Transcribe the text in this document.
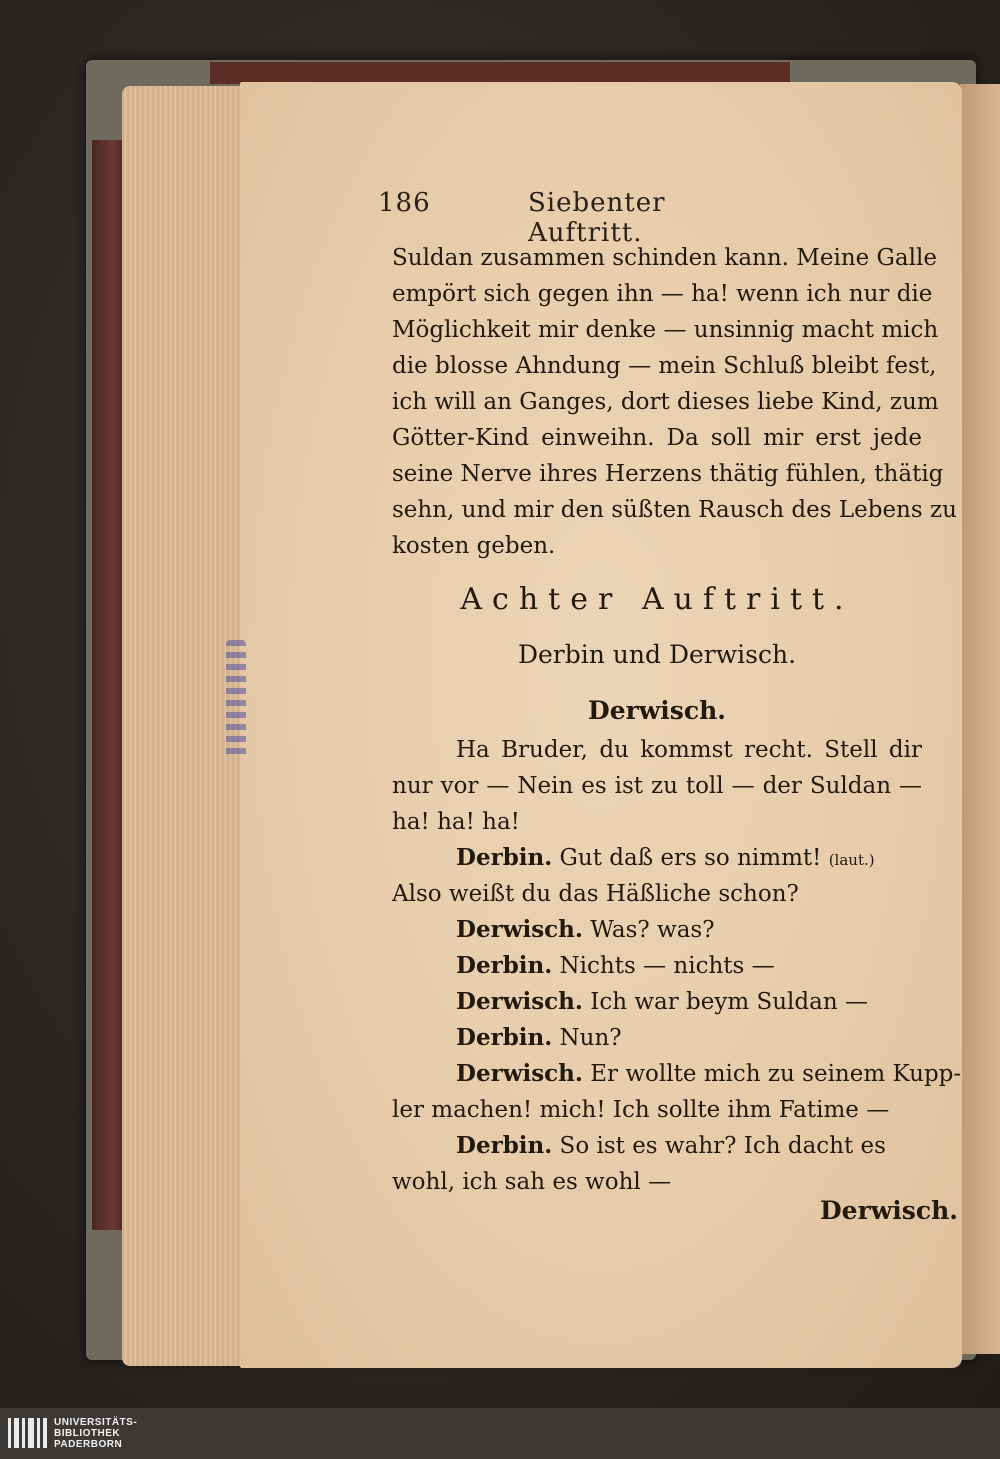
186	Siebenter Auftritt.
Suldan zusammen schinden kann. Meine Galle
empört sich gegen ihn — ha! wenn ich nur die
Möglichkeit mir denke — unsinnig macht mich
die blosse Ahndung — mein Schluß bleibt fest,
ich will an Ganges, dort dieses liebe Kind, zum
Götter-Kind einweihn. Da soll mir erst jede
seine Nerve ihres Herzens thätig fühlen, thätig
sehn, und mir den süßten Rausch des Lebens zu
kosten geben.
Achter Auftritt.
Derbin und Derwisch.
Derwisch.
Ha Bruder, du kommst recht. Stell dir
nur vor — Nein es ist zu toll — der Suldan —
ha! ha! ha!
Derbin. Gut daß ers so nimmt! (laut.)
Also weißt du das Häßliche schon?
Derwisch. Was? was?
Derbin. Nichts — nichts —
Derwisch. Ich war beym Suldan —
Derbin. Nun?
Derwisch. Er wollte mich zu seinem Kupp-
ler machen! mich! Ich sollte ihm Fatime —
Derbin. So ist es wahr? Ich dacht es
wohl, ich sah es wohl —
Derwisch.
UNIVERSITÄTS-
BIBLIOTHEK
PADERBORN
